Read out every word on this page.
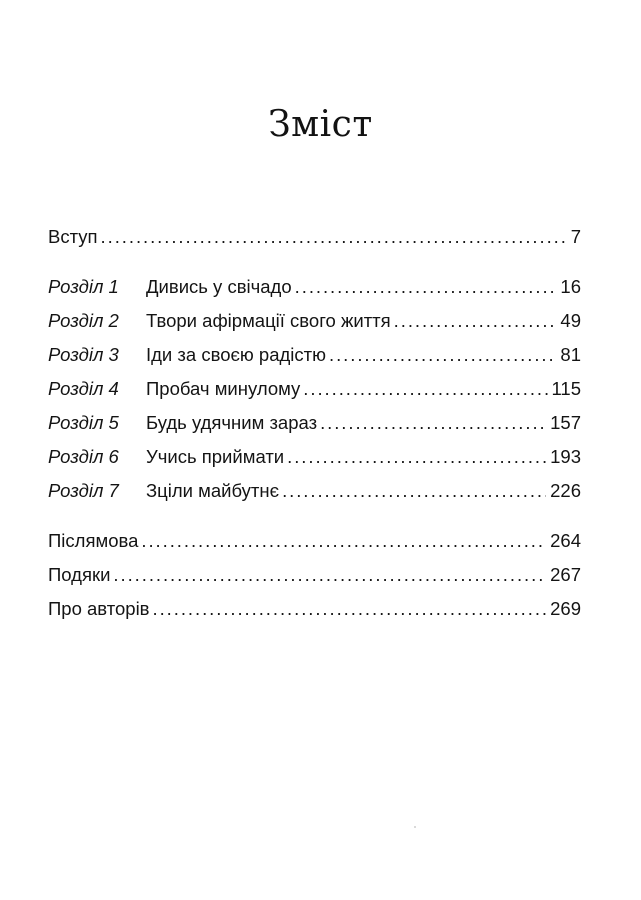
Зміст
Вступ . . .	7
Розділ 1	Дивись у свічадо . . .	16
Розділ 2	Твори афірмації свого життя . . .	49
Розділ 3	Іди за своєю радістю . . .	81
Розділ 4	Пробач минулому . . .	115
Розділ 5	Будь удячним зараз . . .	157
Розділ 6	Учись приймати . . .	193
Розділ 7	Зціли майбутнє . . .	226
Післямова . . .	264
Подяки . . .	267
Про авторів . . .	269
